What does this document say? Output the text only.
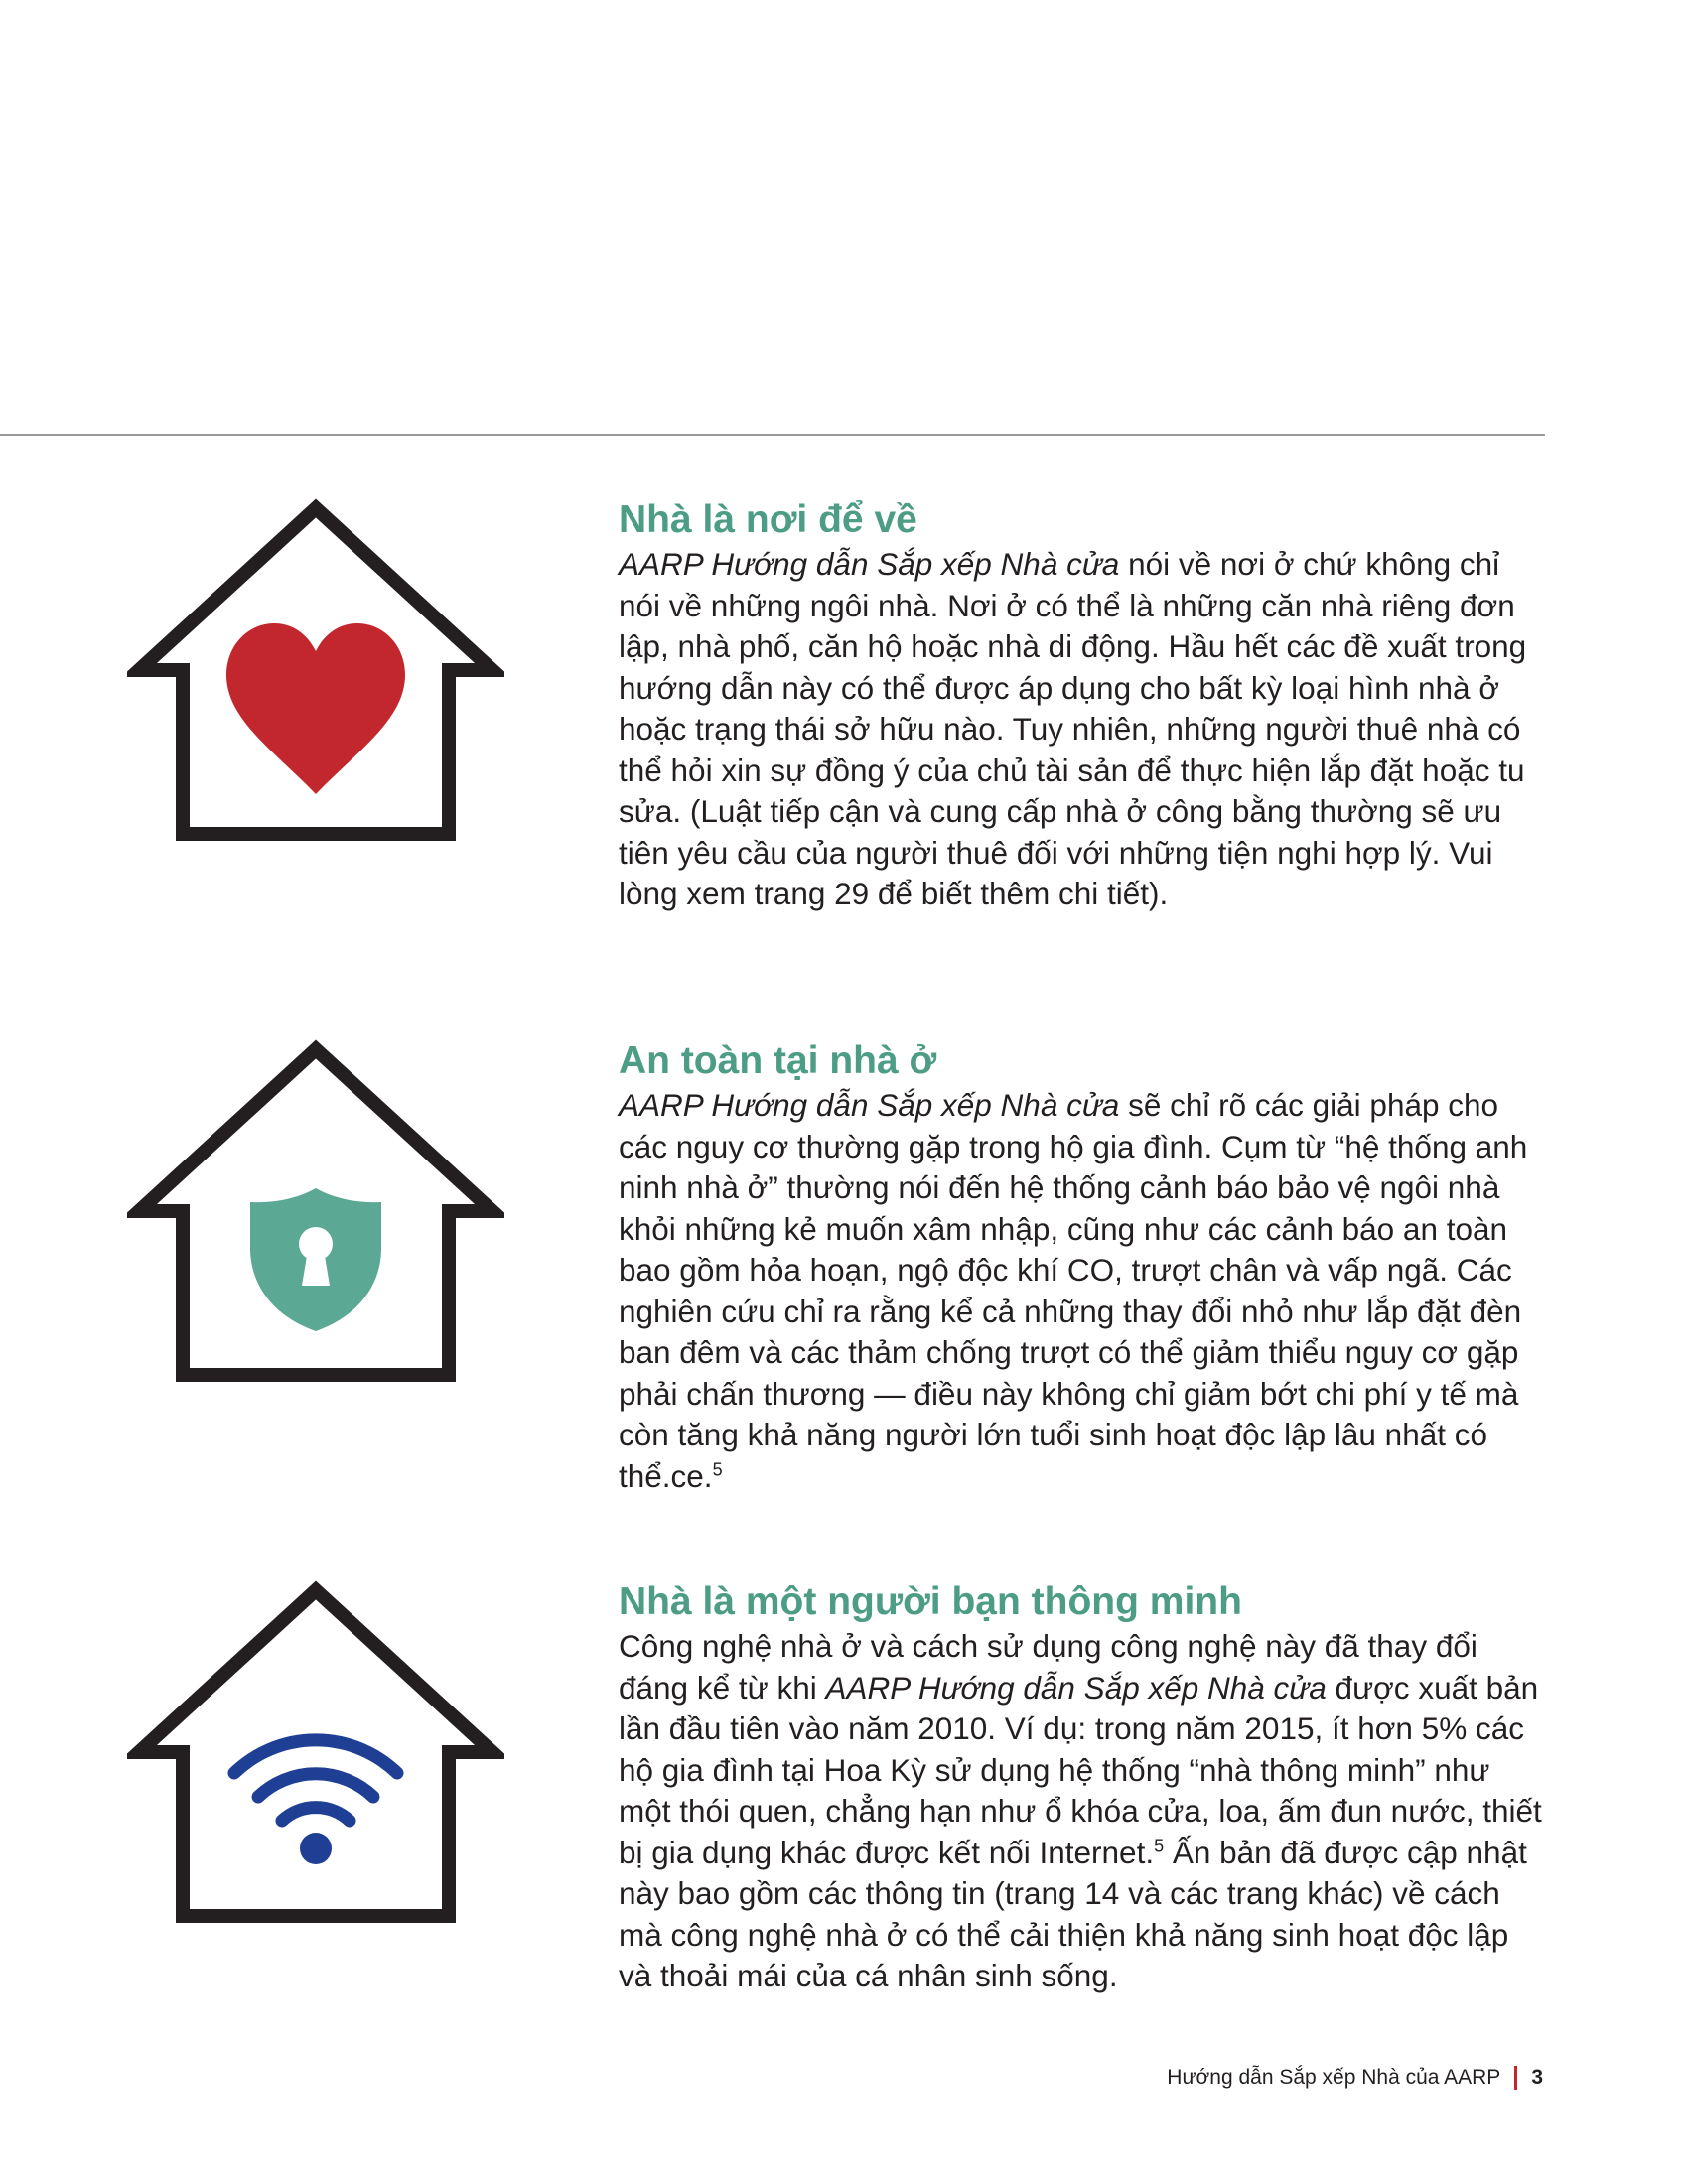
Nhà là nơi để về

AARP Hướng dẫn Sắp xếp Nhà cửa nói về nơi ở chứ không chỉ nói về những ngôi nhà. Nơi ở có thể là những căn nhà riêng đơn lập, nhà phố, căn hộ hoặc nhà di động. Hầu hết các đề xuất trong hướng dẫn này có thể được áp dụng cho bất kỳ loại hình nhà ở hoặc trạng thái sở hữu nào. Tuy nhiên, những người thuê nhà có thể hỏi xin sự đồng ý của chủ tài sản để thực hiện lắp đặt hoặc tu sửa. (Luật tiếp cận và cung cấp nhà ở công bằng thường sẽ ưu tiên yêu cầu của người thuê đối với những tiện nghi hợp lý. Vui lòng xem trang 29 để biết thêm chi tiết).

An toàn tại nhà ở

AARP Hướng dẫn Sắp xếp Nhà cửa sẽ chỉ rõ các giải pháp cho các nguy cơ thường gặp trong hộ gia đình. Cụm từ “hệ thống anh ninh nhà ở” thường nói đến hệ thống cảnh báo bảo vệ ngôi nhà khỏi những kẻ muốn xâm nhập, cũng như các cảnh báo an toàn bao gồm hỏa hoạn, ngộ độc khí CO, trượt chân và vấp ngã. Các nghiên cứu chỉ ra rằng kể cả những thay đổi nhỏ như lắp đặt đèn ban đêm và các thảm chống trượt có thể giảm thiểu nguy cơ gặp phải chấn thương — điều này không chỉ giảm bớt chi phí y tế mà còn tăng khả năng người lớn tuổi sinh hoạt độc lập lâu nhất có thể.ce.$^5$

Nhà là một người bạn thông minh

Công nghệ nhà ở và cách sử dụng công nghệ này đã thay đổi đáng kể từ khi AARP Hướng dẫn Sắp xếp Nhà cửa được xuất bản lần đầu tiên vào năm 2010. Ví dụ: trong năm 2015, ít hơn 5% các hộ gia đình tại Hoa Kỳ sử dụng hệ thống “nhà thông minh” như một thói quen, chẳng hạn như ổ khóa cửa, loa, ấm đun nước, thiết bị gia dụng khác được kết nối Internet.$^5$ Ấn bản đã được cập nhật này bao gồm các thông tin (trang 14 và các trang khác) về cách mà công nghệ nhà ở có thể cải thiện khả năng sinh hoạt độc lập và thoải mái của cá nhân sinh sống.

Hướng dẫn Sắp xếp Nhà của AARP 3
